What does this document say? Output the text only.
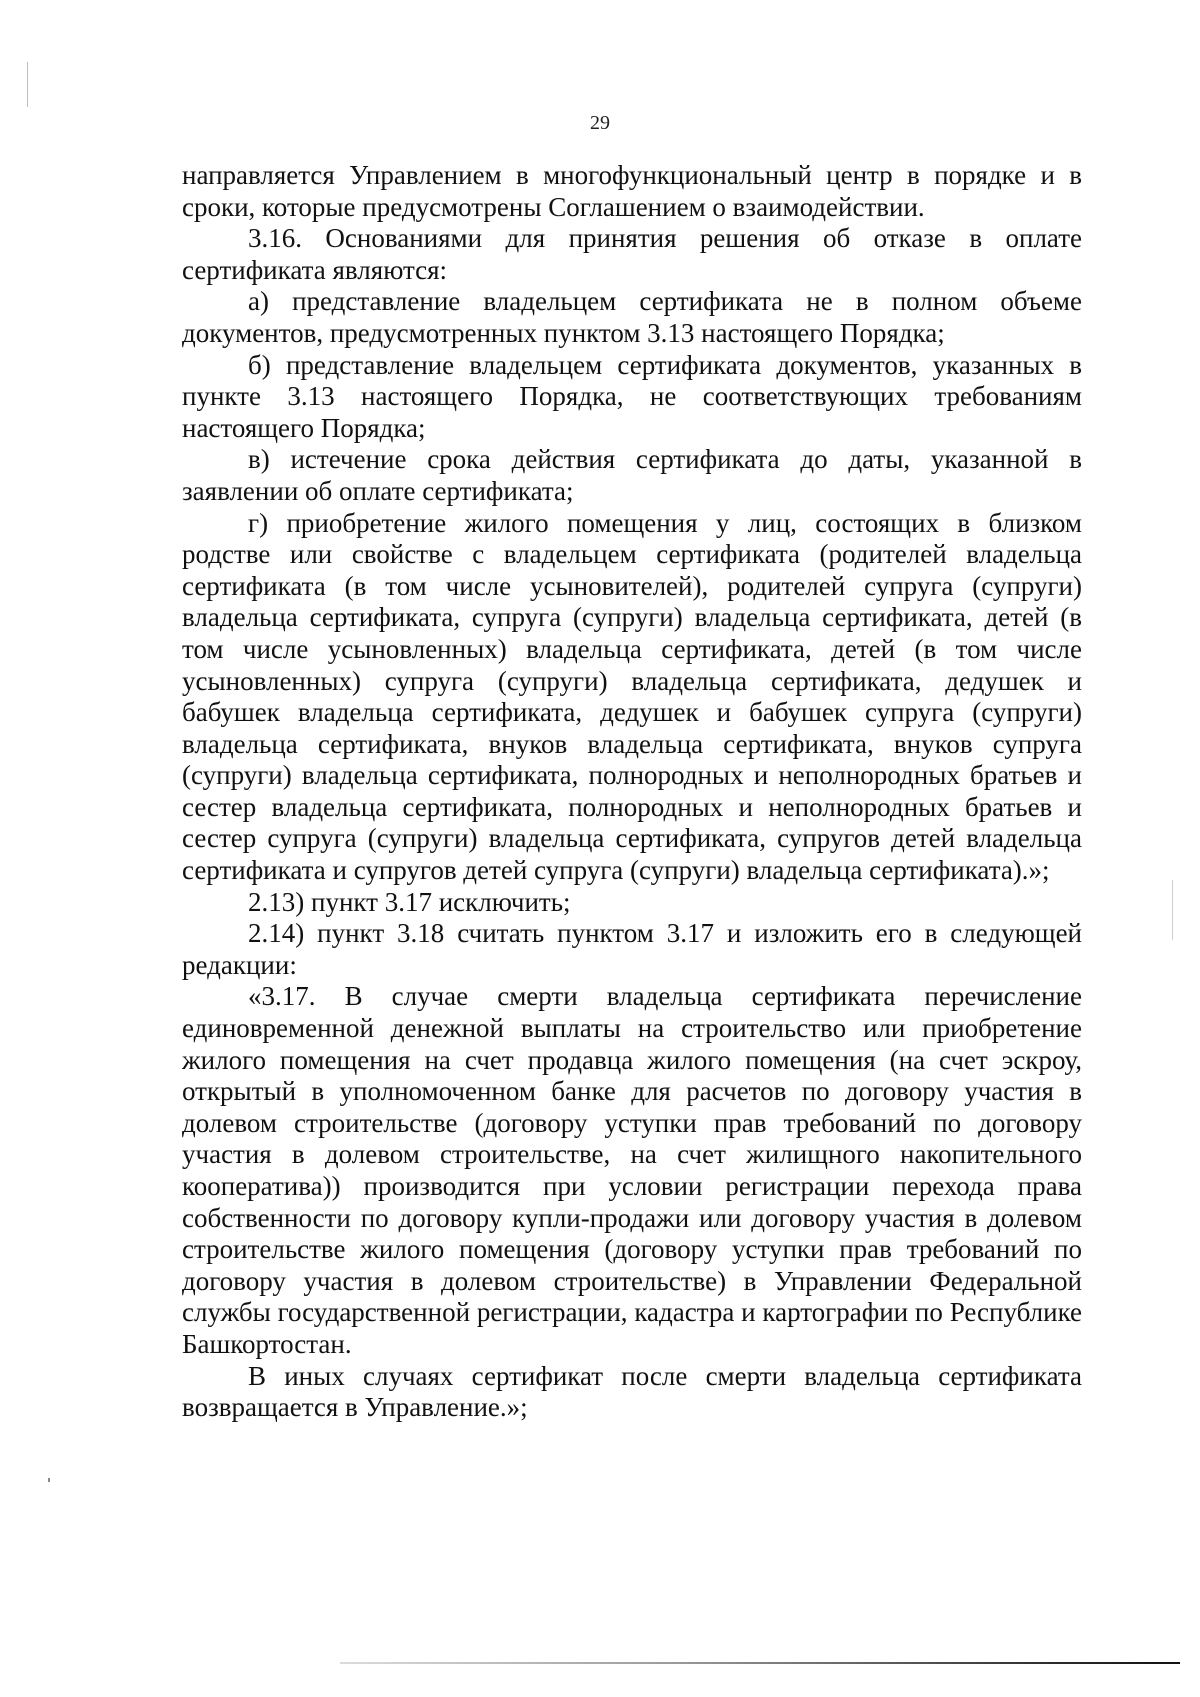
29

направляется Управлением в многофункциональный центр в порядке и в сроки, которые предусмотрены Соглашением о взаимодействии.

3.16. Основаниями для принятия решения об отказе в оплате сертификата являются:

а) представление владельцем сертификата не в полном объеме документов, предусмотренных пунктом 3.13 настоящего Порядка;

б) представление владельцем сертификата документов, указанных в пункте 3.13 настоящего Порядка, не соответствующих требованиям настоящего Порядка;

в) истечение срока действия сертификата до даты, указанной в заявлении об оплате сертификата;

г) приобретение жилого помещения у лиц, состоящих в близком родстве или свойстве с владельцем сертификата (родителей владельца сертификата (в том числе усыновителей), родителей супруга (супруги) владельца сертификата, супруга (супруги) владельца сертификата, детей (в том числе усыновленных) владельца сертификата, детей (в том числе усыновленных) супруга (супруги) владельца сертификата, дедушек и бабушек владельца сертификата, дедушек и бабушек супруга (супруги) владельца сертификата, внуков владельца сертификата, внуков супруга (супруги) владельца сертификата, полнородных и неполнородных братьев и сестер владельца сертификата, полнородных и неполнородных братьев и сестер супруга (супруги) владельца сертификата, супругов детей владельца сертификата и супругов детей супруга (супруги) владельца сертификата).»;

2.13) пункт 3.17 исключить;

2.14) пункт 3.18 считать пунктом 3.17 и изложить его в следующей редакции:

«3.17. В случае смерти владельца сертификата перечисление единовременной денежной выплаты на строительство или приобретение жилого помещения на счет продавца жилого помещения (на счет эскроу, открытый в уполномоченном банке для расчетов по договору участия в долевом строительстве (договору уступки прав требований по договору участия в долевом строительстве, на счет жилищного накопительного кооператива)) производится при условии регистрации перехода права собственности по договору купли-продажи или договору участия в долевом строительстве жилого помещения (договору уступки прав требований по договору участия в долевом строительстве) в Управлении Федеральной службы государственной регистрации, кадастра и картографии по Республике Башкортостан.

В иных случаях сертификат после смерти владельца сертификата возвращается в Управление.»;
